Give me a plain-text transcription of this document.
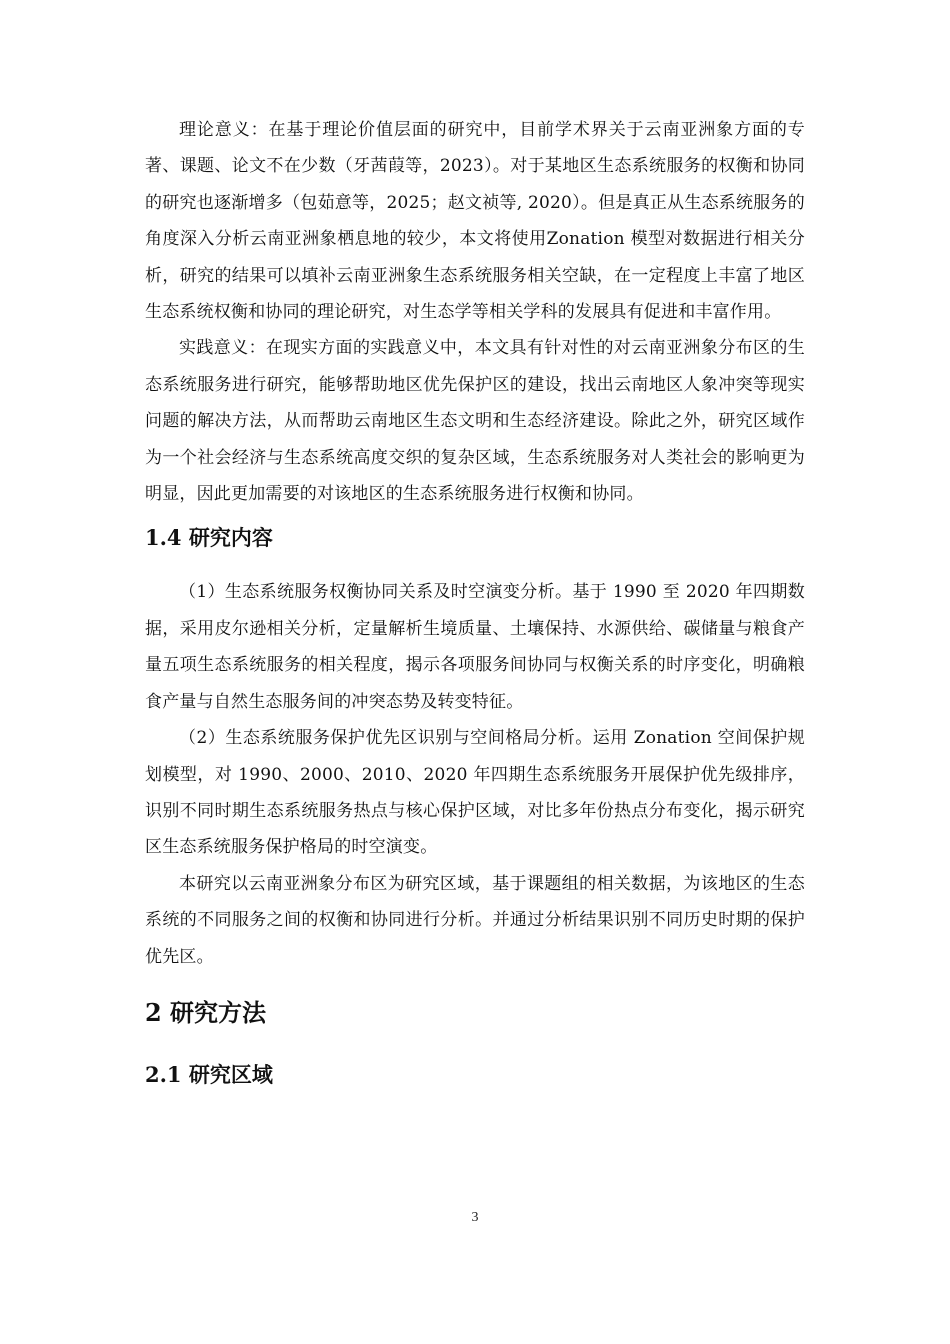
理论意义：在基于理论价值层面的研究中，目前学术界关于云南亚洲象方面的专著、课题、论文不在少数（牙茜葭等，2023）。对于某地区生态系统服务的权衡和协同的研究也逐渐增多（包茹意等，2025；赵文祯等, 2020）。但是真正从生态系统服务的角度深入分析云南亚洲象栖息地的较少，本文将使用Zonation 模型对数据进行相关分析，研究的结果可以填补云南亚洲象生态系统服务相关空缺，在一定程度上丰富了地区生态系统权衡和协同的理论研究，对生态学等相关学科的发展具有促进和丰富作用。

实践意义：在现实方面的实践意义中，本文具有针对性的对云南亚洲象分布区的生态系统服务进行研究，能够帮助地区优先保护区的建设，找出云南地区人象冲突等现实问题的解决方法，从而帮助云南地区生态文明和生态经济建设。除此之外，研究区域作为一个社会经济与生态系统高度交织的复杂区域，生态系统服务对人类社会的影响更为明显，因此更加需要的对该地区的生态系统服务进行权衡和协同。

1.4 研究内容

（1）生态系统服务权衡协同关系及时空演变分析。基于 1990 至 2020 年四期数据，采用皮尔逊相关分析，定量解析生境质量、土壤保持、水源供给、碳储量与粮食产量五项生态系统服务的相关程度，揭示各项服务间协同与权衡关系的时序变化，明确粮食产量与自然生态服务间的冲突态势及转变特征。

（2）生态系统服务保护优先区识别与空间格局分析。运用 Zonation 空间保护规划模型，对 1990、2000、2010、2020 年四期生态系统服务开展保护优先级排序，识别不同时期生态系统服务热点与核心保护区域，对比多年份热点分布变化，揭示研究区生态系统服务保护格局的时空演变。

本研究以云南亚洲象分布区为研究区域，基于课题组的相关数据，为该地区的生态系统的不同服务之间的权衡和协同进行分析。并通过分析结果识别不同历史时期的保护优先区。

2 研究方法
2.1 研究区域
3
